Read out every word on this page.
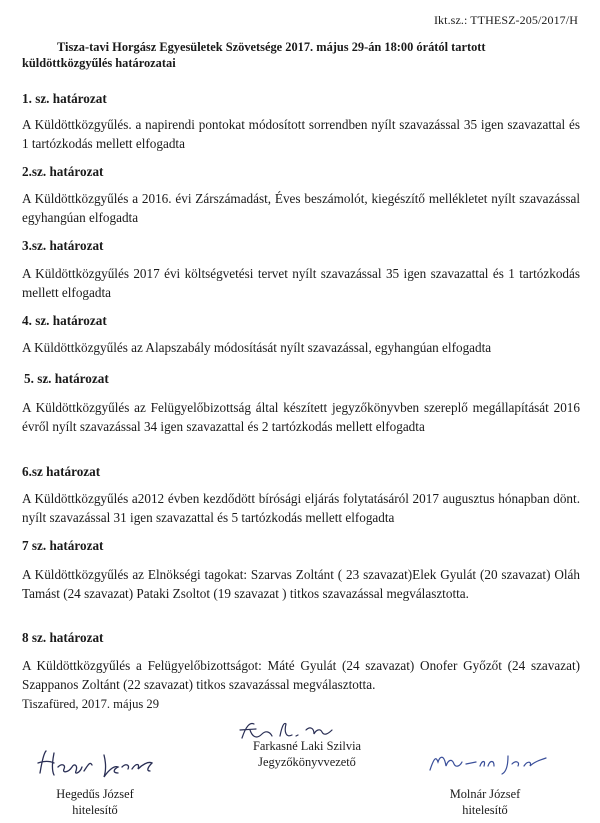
Ikt.sz.: TTHESZ-205/2017/H
Tisza-tavi Horgász Egyesületek Szövetsége 2017. május 29-án 18:00 órától tartott
küldöttközgyűlés határozatai
1. sz. határozat
A Küldöttközgyűlés. a napirendi pontokat módosított sorrendben nyílt szavazással 35 igen szavazattal és 1 tartózkodás mellett elfogadta
2.sz. határozat
A Küldöttközgyűlés a 2016. évi Zárszámadást, Éves beszámolót, kiegészítő mellékletet nyílt szavazással egyhangúan elfogadta
3.sz. határozat
A Küldöttközgyűlés 2017 évi költségvetési tervet nyílt szavazással 35 igen szavazattal és 1 tartózkodás mellett elfogadta
4. sz. határozat
A Küldöttközgyűlés az Alapszabály módosítását nyílt szavazással, egyhangúan elfogadta
5. sz. határozat
A Küldöttközgyűlés az Felügyelőbizottság által készített jegyzőkönyvben szereplő megállapítását 2016 évről nyílt szavazással 34 igen szavazattal és 2 tartózkodás mellett elfogadta
6.sz határozat
A Küldöttközgyűlés a2012 évben kezdődött bírósági eljárás folytatásáról 2017 augusztus hónapban dönt. nyílt szavazással 31 igen szavazattal és 5 tartózkodás mellett elfogadta
7 sz. határozat
A Küldöttközgyűlés az Elnökségi tagokat: Szarvas Zoltánt ( 23 szavazat)Elek Gyulát (20 szavazat) Oláh Tamást (24 szavazat) Pataki Zsoltot (19 szavazat ) titkos szavazással megválasztotta.
8 sz. határozat
A Küldöttközgyűlés a Felügyelőbizottságot: Máté Gyulát (24 szavazat) Onofer Győzőt (24 szavazat) Szappanos Zoltánt (22 szavazat) titkos szavazással megválasztotta.
Tiszafüred, 2017. május 29
Farkasné Laki Szilvia
Jegyzőkönyvvezető
Hegedűs József
hitelesítő
Molnár József
hitelesítő
